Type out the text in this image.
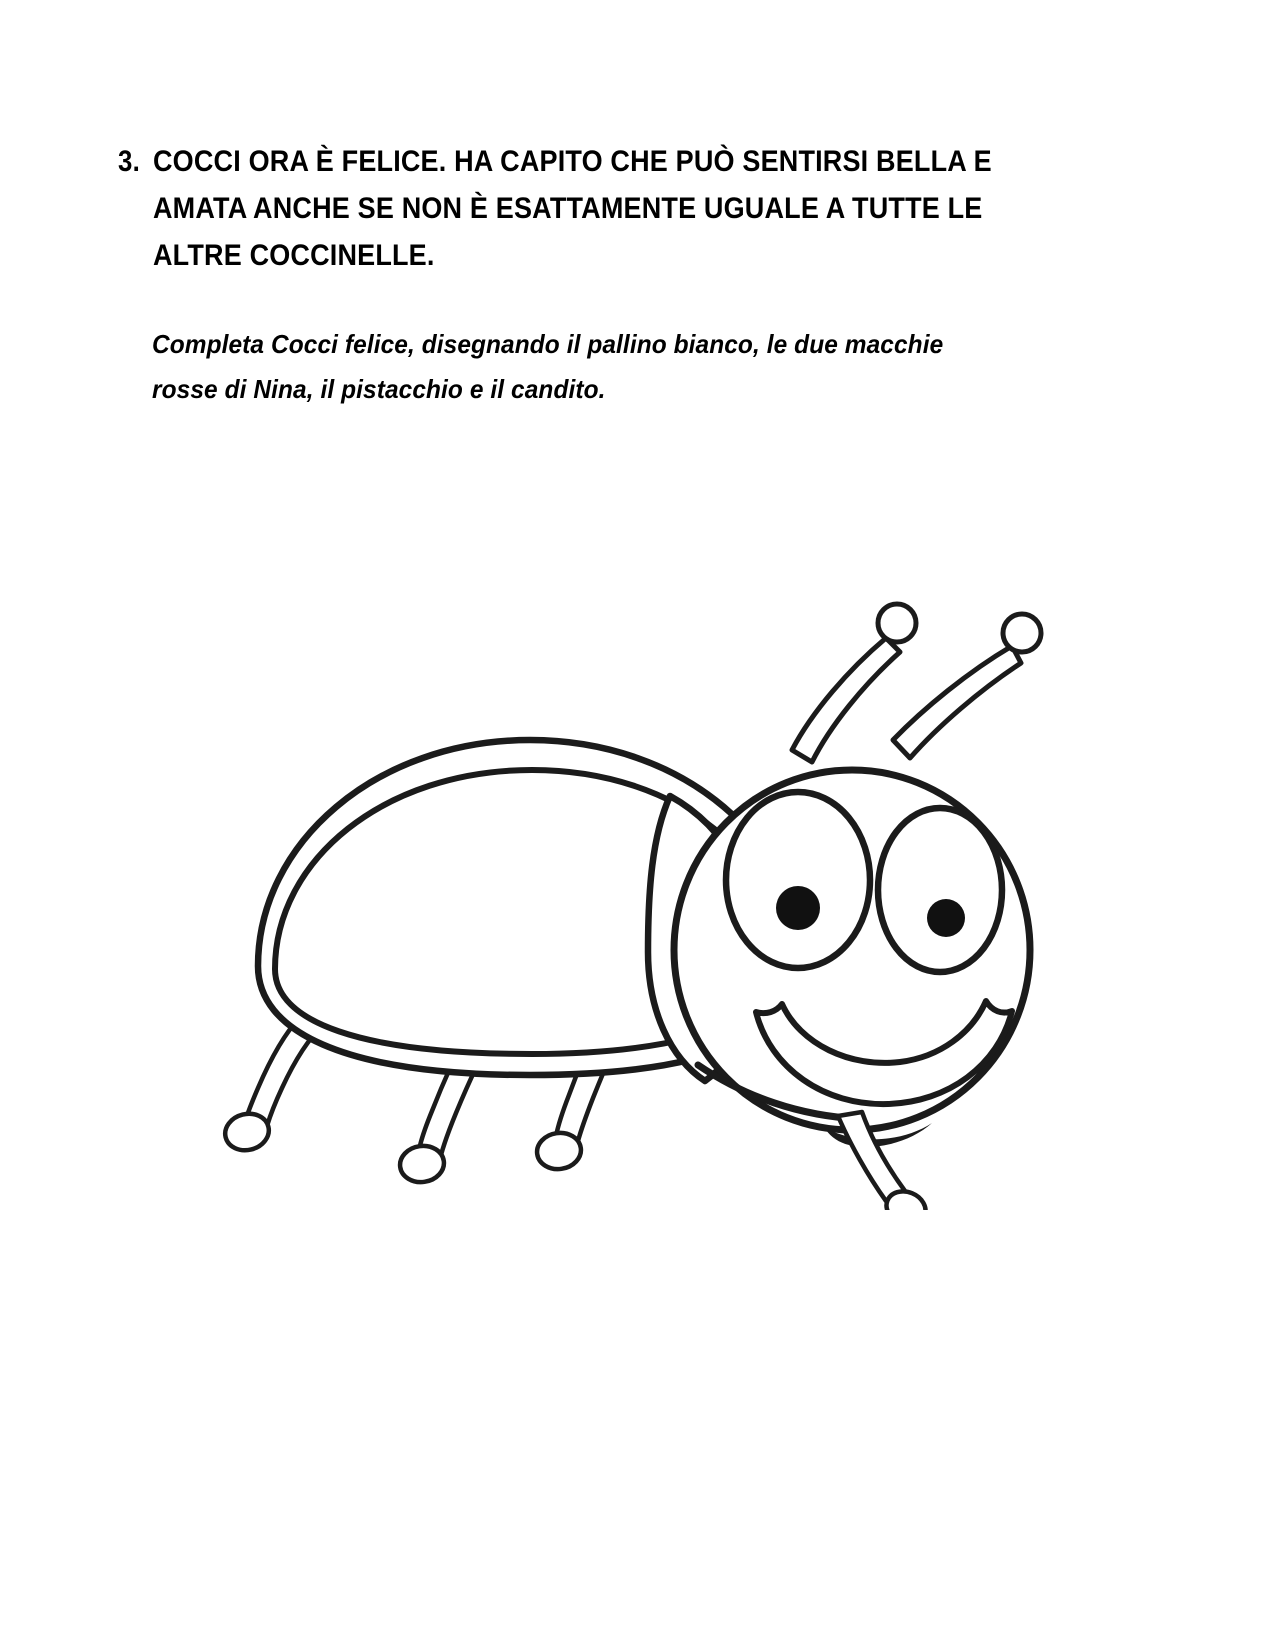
3. COCCI ORA È FELICE. HA CAPITO CHE PUÒ SENTIRSI BELLA E
AMATA ANCHE SE NON È ESATTAMENTE UGUALE A TUTTE LE
ALTRE COCCINELLE.
Completa Cocci felice, disegnando il pallino bianco, le due macchie
rosse di Nina, il pistacchio e il candito.
